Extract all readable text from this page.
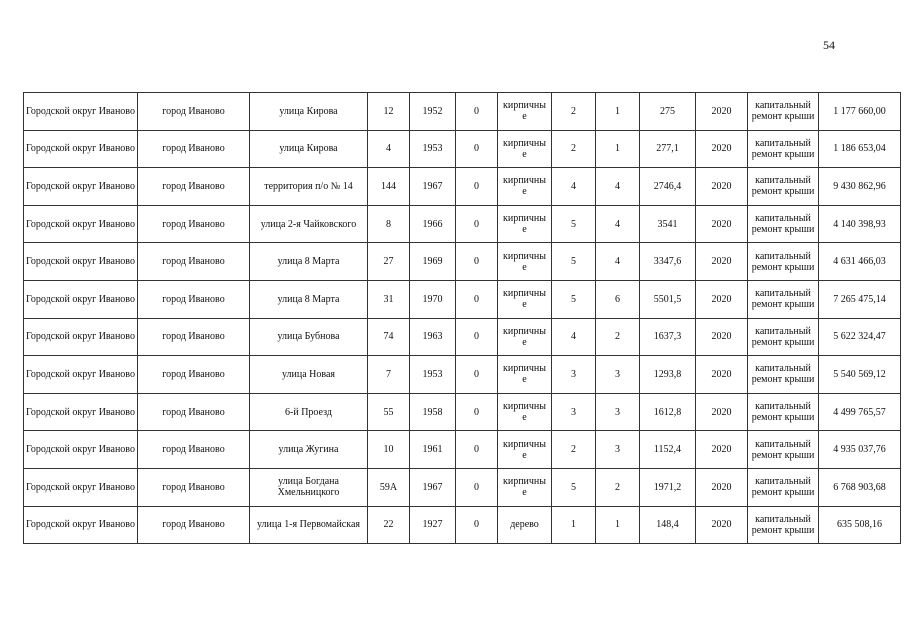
54
Городской округ Иваново	город Иваново	улица Кирова	12	1952	0	кирпичны е	2	1	275	2020	капитальный ремонт крыши	1 177 660,00
Городской округ Иваново	город Иваново	улица Кирова	4	1953	0	кирпичны е	2	1	277,1	2020	капитальный ремонт крыши	1 186 653,04
Городской округ Иваново	город Иваново	территория п/о № 14	144	1967	0	кирпичны е	4	4	2746,4	2020	капитальный ремонт крыши	9 430 862,96
Городской округ Иваново	город Иваново	улица 2-я Чайковского	8	1966	0	кирпичны е	5	4	3541	2020	капитальный ремонт крыши	4 140 398,93
Городской округ Иваново	город Иваново	улица 8 Марта	27	1969	0	кирпичны е	5	4	3347,6	2020	капитальный ремонт крыши	4 631 466,03
Городской округ Иваново	город Иваново	улица 8 Марта	31	1970	0	кирпичны е	5	6	5501,5	2020	капитальный ремонт крыши	7 265 475,14
Городской округ Иваново	город Иваново	улица Бубнова	74	1963	0	кирпичны е	4	2	1637,3	2020	капитальный ремонт крыши	5 622 324,47
Городской округ Иваново	город Иваново	улица Новая	7	1953	0	кирпичны е	3	3	1293,8	2020	капитальный ремонт крыши	5 540 569,12
Городской округ Иваново	город Иваново	6-й Проезд	55	1958	0	кирпичны е	3	3	1612,8	2020	капитальный ремонт крыши	4 499 765,57
Городской округ Иваново	город Иваново	улица Жугина	10	1961	0	кирпичны е	2	3	1152,4	2020	капитальный ремонт крыши	4 935 037,76
Городской округ Иваново	город Иваново	улица Богдана Хмельницкого	59А	1967	0	кирпичны е	5	2	1971,2	2020	капитальный ремонт крыши	6 768 903,68
Городской округ Иваново	город Иваново	улица 1-я Первомайская	22	1927	0	дерево	1	1	148,4	2020	капитальный ремонт крыши	635 508,16
